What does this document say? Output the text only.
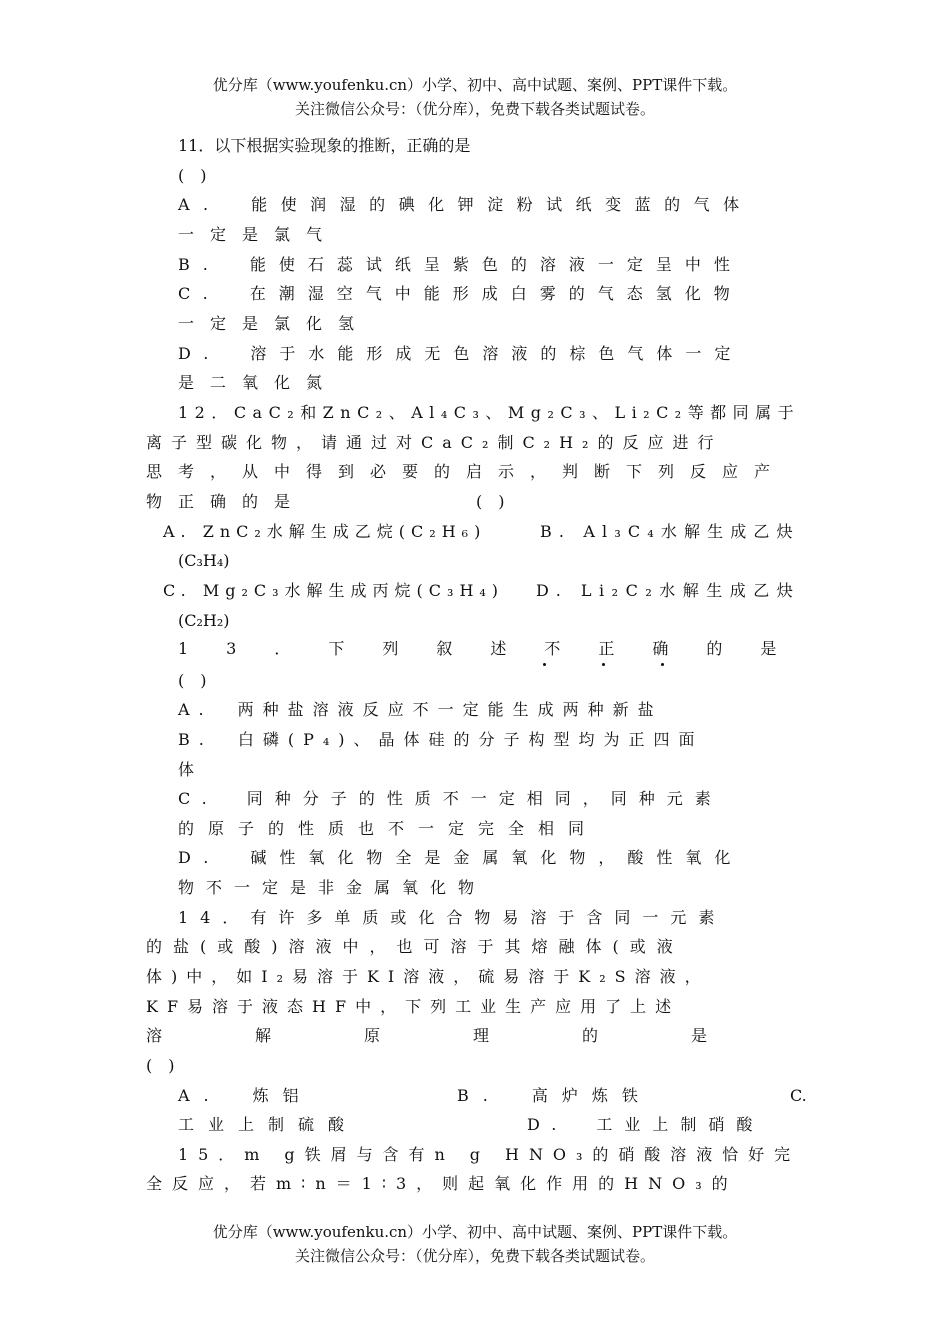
优分库（www.youfenku.cn）小学、初中、高中试题、案例、PPT课件下载。
关注微信公众号：（优分库），免费下载各类试题试卷。
11．以下根据实验现象的推断，正确的是
(　)
A.　能使润湿的碘化钾淀粉试纸变蓝的气体
一定是氯气
B.　能使石蕊试纸呈紫色的溶液一定呈中性
C.　在潮湿空气中能形成白雾的气态氢化物
一定是氯化氢
D.　溶于水能形成无色溶液的棕色气体一定
是二氧化氮
12．CaC₂和ZnC₂、Al₄C₃、Mg₂C₃、Li₂C₂等都同属于
离子型碳化物，请通过对CaC₂制C₂H₂的反应进行
思考，从中得到必要的启示，判断下列反应产
物正确的是	(　)
A. ZnC₂水解生成乙烷(C₂H₆)	B. Al₃C₄水解生成乙炔
(C₃H₄)
C. Mg₂C₃水解生成丙烷(C₃H₄) D. Li₂C₂水解生成乙炔
(C₂H₂)
13．下列叙述不正确的是
(　)
A.　两种盐溶液反应不一定能生成两种新盐
B.　白磷(P₄)、晶体硅的分子构型均为正四面
体
C.　同种分子的性质不一定相同，同种元素
的原子的性质也不一定完全相同
D.　碱性氧化物全是金属氧化物，酸性氧化
物不一定是非金属氧化物
14．有许多单质或化合物易溶于含同一元素
的盐(或酸)溶液中，也可溶于其熔融体(或液
体)中，如I₂易溶于KI溶液，硫易溶于K₂S溶液，
KF易溶于液态HF中，下列工业生产应用了上述
溶解原理的是
(　)
A.　炼铝	B.　高炉炼铁	C.
工业上制硫酸	D.　工业上制硝酸
15．m g铁屑与含有n g HNO₃的硝酸溶液恰好完
全反应，若m∶n＝1∶3，则起氧化作用的HNO₃的
优分库（www.youfenku.cn）小学、初中、高中试题、案例、PPT课件下载。
关注微信公众号：（优分库），免费下载各类试题试卷。
